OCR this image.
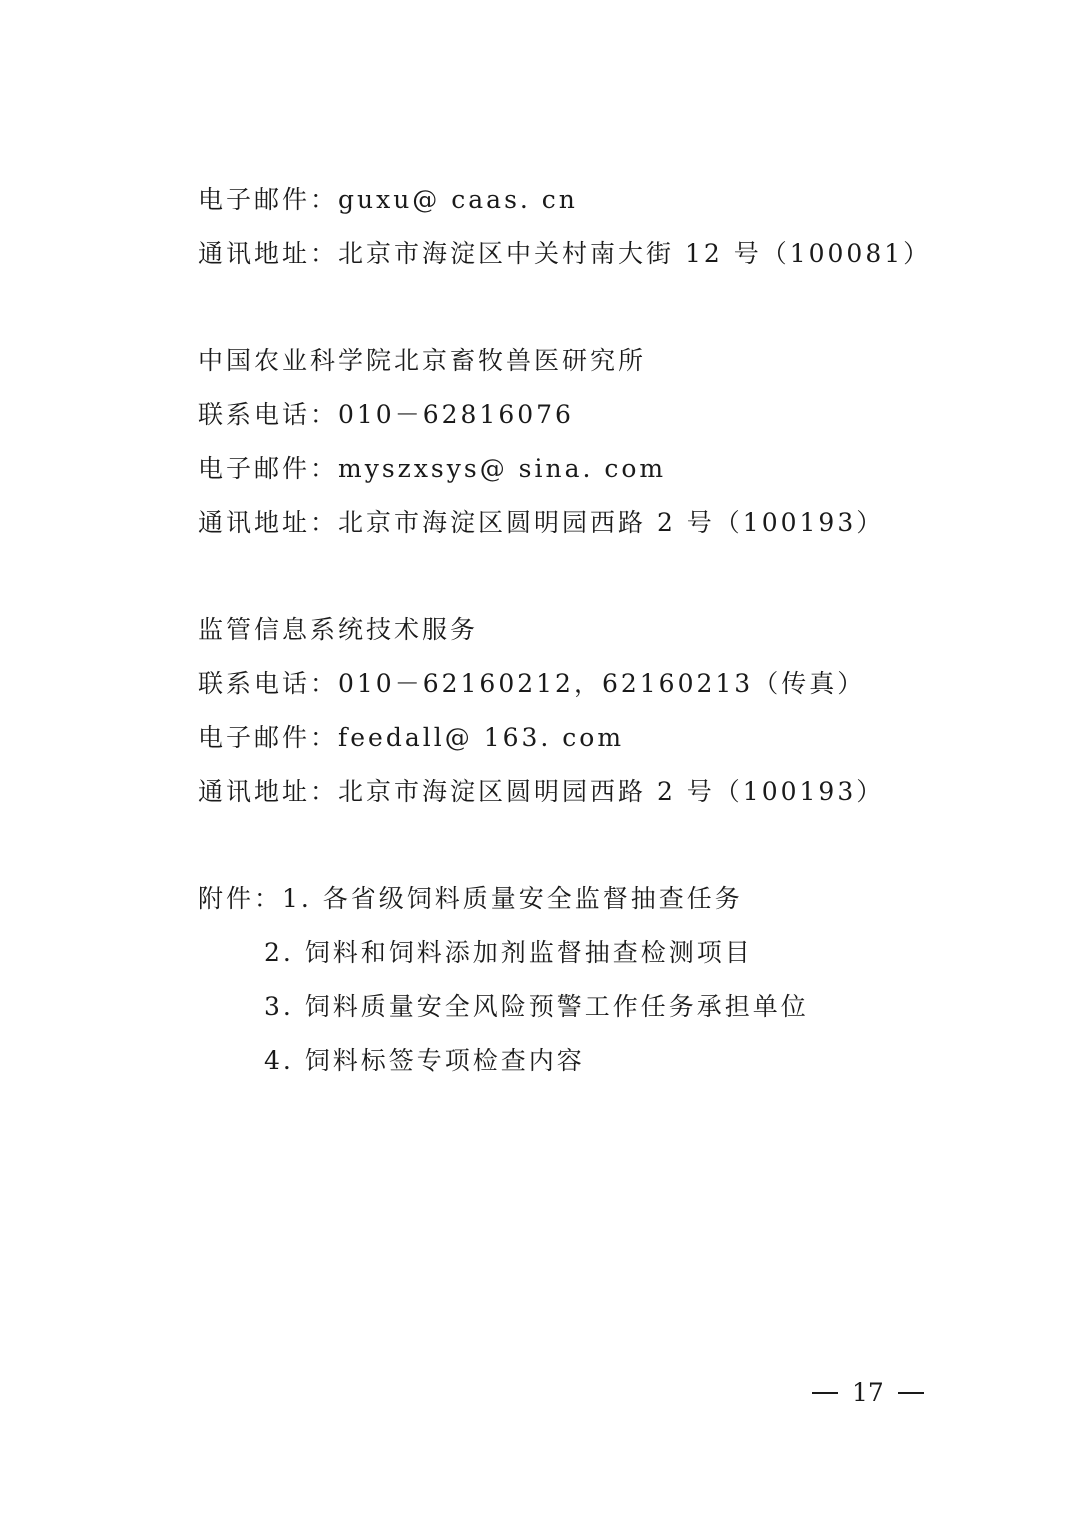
电子邮件：guxu@ caas. cn
通讯地址：北京市海淀区中关村南大街 12 号（100081）
中国农业科学院北京畜牧兽医研究所
联系电话：010－62816076
电子邮件：myszxsys@ sina. com
通讯地址：北京市海淀区圆明园西路 2 号（100193）
监管信息系统技术服务
联系电话：010－62160212，62160213（传真）
电子邮件：feedall@ 163. com
通讯地址：北京市海淀区圆明园西路 2 号（100193）
附件：1. 各省级饲料质量安全监督抽查任务
2. 饲料和饲料添加剂监督抽查检测项目
3. 饲料质量安全风险预警工作任务承担单位
4. 饲料标签专项检查内容
17
